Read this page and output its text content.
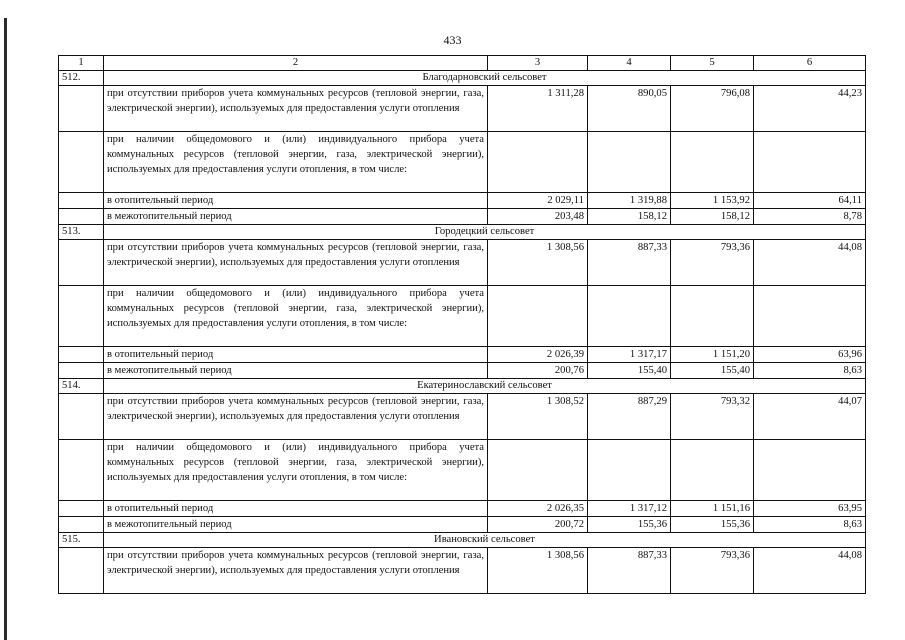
433
1	2	3	4	5	6
512.	Благодарновский сельсовет				
	при отсутствии приборов учета коммунальных ресурсов (тепловой энергии, газа, электрической энергии), используемых для предоставления услуги отопления	1 311,28	890,05	796,08	44,23
	при наличии общедомового и (или) индивидуального прибора учета коммунальных ресурсов (тепловой энергии, газа, электрической энергии), используемых для предоставления услуги отопления, в том числе:				
	в отопительный период	2 029,11	1 319,88	1 153,92	64,11
	в межотопительный период	203,48	158,12	158,12	8,78
513.	Городецкий сельсовет				
	при отсутствии приборов учета коммунальных ресурсов (тепловой энергии, газа, электрической энергии), используемых для предоставления услуги отопления	1 308,56	887,33	793,36	44,08
	при наличии общедомового и (или) индивидуального прибора учета коммунальных ресурсов (тепловой энергии, газа, электрической энергии), используемых для предоставления услуги отопления, в том числе:				
	в отопительный период	2 026,39	1 317,17	1 151,20	63,96
	в межотопительный период	200,76	155,40	155,40	8,63
514.	Екатеринославский сельсовет				
	при отсутствии приборов учета коммунальных ресурсов (тепловой энергии, газа, электрической энергии), используемых для предоставления услуги отопления	1 308,52	887,29	793,32	44,07
	при наличии общедомового и (или) индивидуального прибора учета коммунальных ресурсов (тепловой энергии, газа, электрической энергии), используемых для предоставления услуги отопления, в том числе:				
	в отопительный период	2 026,35	1 317,12	1 151,16	63,95
	в межотопительный период	200,72	155,36	155,36	8,63
515.	Ивановский сельсовет				
	при отсутствии приборов учета коммунальных ресурсов (тепловой энергии, газа, электрической энергии), используемых для предоставления услуги отопления	1 308,56	887,33	793,36	44,08
